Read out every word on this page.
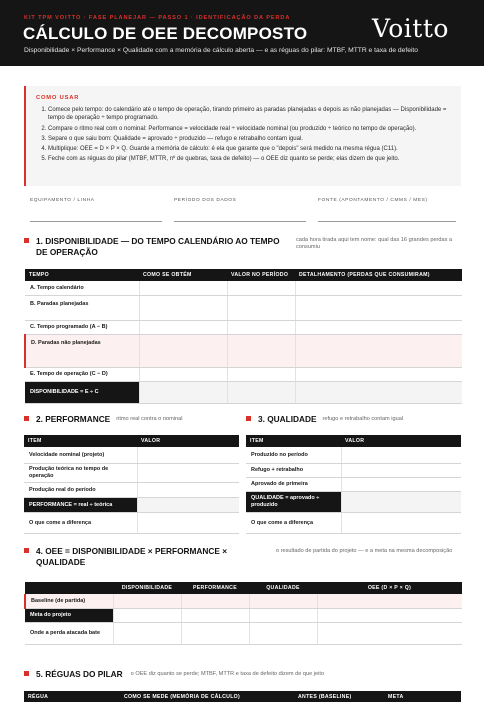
KIT TPM VOITTO · FASE PLANEJAR — PASSO 1 · IDENTIFICAÇÃO DA PERDA
CÁLCULO DE OEE DECOMPOSTO
Disponibilidade × Performance × Qualidade com a memória de cálculo aberta — e as réguas do pilar: MTBF, MTTR e taxa de defeito
Voitto
COMO USAR
1. Comece pelo tempo: do calendário até o tempo de operação, tirando primeiro as paradas planejadas e depois as não planejadas — Disponibilidade = tempo de operação ÷ tempo programado.
2. Compare o ritmo real com o nominal: Performance = velocidade real ÷ velocidade nominal (ou produzido ÷ teórico no tempo de operação).
3. Separe o que saiu bom: Qualidade = aprovado ÷ produzido — refugo e retrabalho contam igual.
4. Multiplique: OEE = D × P × Q. Guarde a memória de cálculo: é ela que garante que o "depois" será medido na mesma régua (C11).
5. Feche com as réguas do pilar (MTBF, MTTR, nº de quebras, taxa de defeito) — o OEE diz quanto se perde; elas dizem de que jeito.
EQUIPAMENTO / LINHA	PERÍODO DOS DADOS	FONTE (APONTAMENTO / CMMS / MES)
1. DISPONIBILIDADE — DO TEMPO CALENDÁRIO AO TEMPO DE OPERAÇÃO
cada hora tirada aqui tem nome: qual das 16 grandes perdas a consumiu
TEMPO	COMO SE OBTÉM	VALOR NO PERÍODO	DETALHAMENTO (PERDAS QUE CONSUMIRAM)
A. Tempo calendário			
B. Paradas planejadas			
C. Tempo programado (A − B)			
D. Paradas não planejadas			
E. Tempo de operação (C − D)			
DISPONIBILIDADE = E ÷ C			
2. PERFORMANCE ritmo real contra o nominal
ITEM	VALOR
Velocidade nominal (projeto)	
Produção teórica no tempo de operação	
Produção real do período	
PERFORMANCE = real ÷ teórica	
O que come a diferença	
3. QUALIDADE refugo e retrabalho contam igual
ITEM	VALOR
Produzido no período	
Refugo + retrabalho	
Aprovado de primeira	
QUALIDADE = aprovado ÷ produzido	
O que come a diferença	
4. OEE = DISPONIBILIDADE × PERFORMANCE × QUALIDADE
o resultado de partida do projeto — e a meta na mesma decomposição
	DISPONIBILIDADE	PERFORMANCE	QUALIDADE	OEE (D × P × Q)
Baseline (de partida)				
Meta do projeto				
Onde a perda atacada bate				
5. RÉGUAS DO PILAR o OEE diz quanto se perde; MTBF, MTTR e taxa de defeito dizem de que jeito
RÉGUA	COMO SE MEDE (MEMÓRIA DE CÁLCULO)	ANTES (BASELINE)	META
